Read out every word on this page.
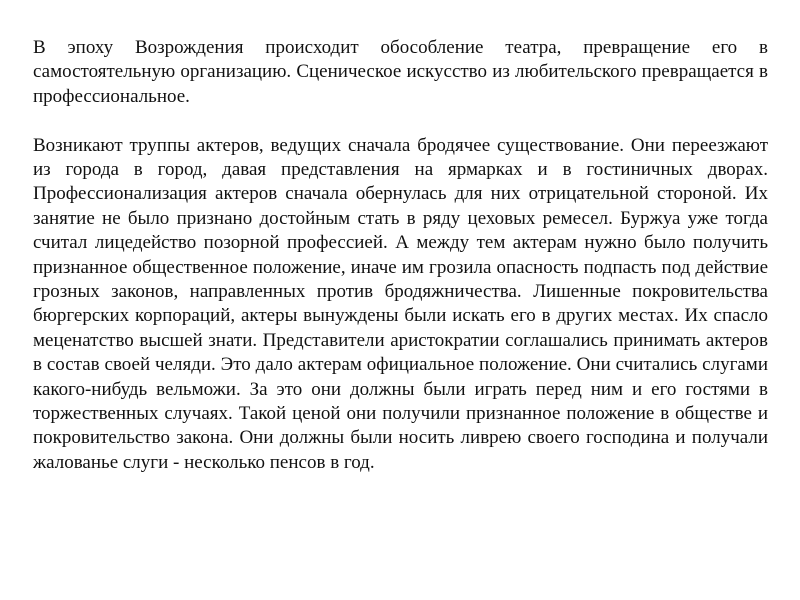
В эпоху Возрождения происходит обособление театра, превращение его в самостоятельную организацию. Сценическое искусство из любительского превращается в профессиональное.

Возникают труппы актеров, ведущих сначала бродячее существование. Они переезжают из города в город, давая представления на ярмарках и в гостиничных дворах. Профессионализация актеров сначала обернулась для них отрицательной стороной. Их занятие не было признано достойным стать в ряду цеховых ремесел. Буржуа уже тогда считал лицедейство позорной профессией. А между тем актерам нужно было получить признанное общественное положение, иначе им грозила опасность подпасть под действие грозных законов, направленных против бродяжничества. Лишенные покровительства бюргерских корпораций, актеры вынуждены были искать его в других местах. Их спасло меценатство высшей знати. Представители аристократии соглашались принимать актеров в состав своей челяди. Это дало актерам официальное положение. Они считались слугами какого-нибудь вельможи. За это они должны были играть перед ним и его гостями в торжественных случаях. Такой ценой они получили признанное положение в обществе и покровительство закона. Они должны были носить ливрею своего господина и получали жалованье слуги - несколько пенсов в год.
